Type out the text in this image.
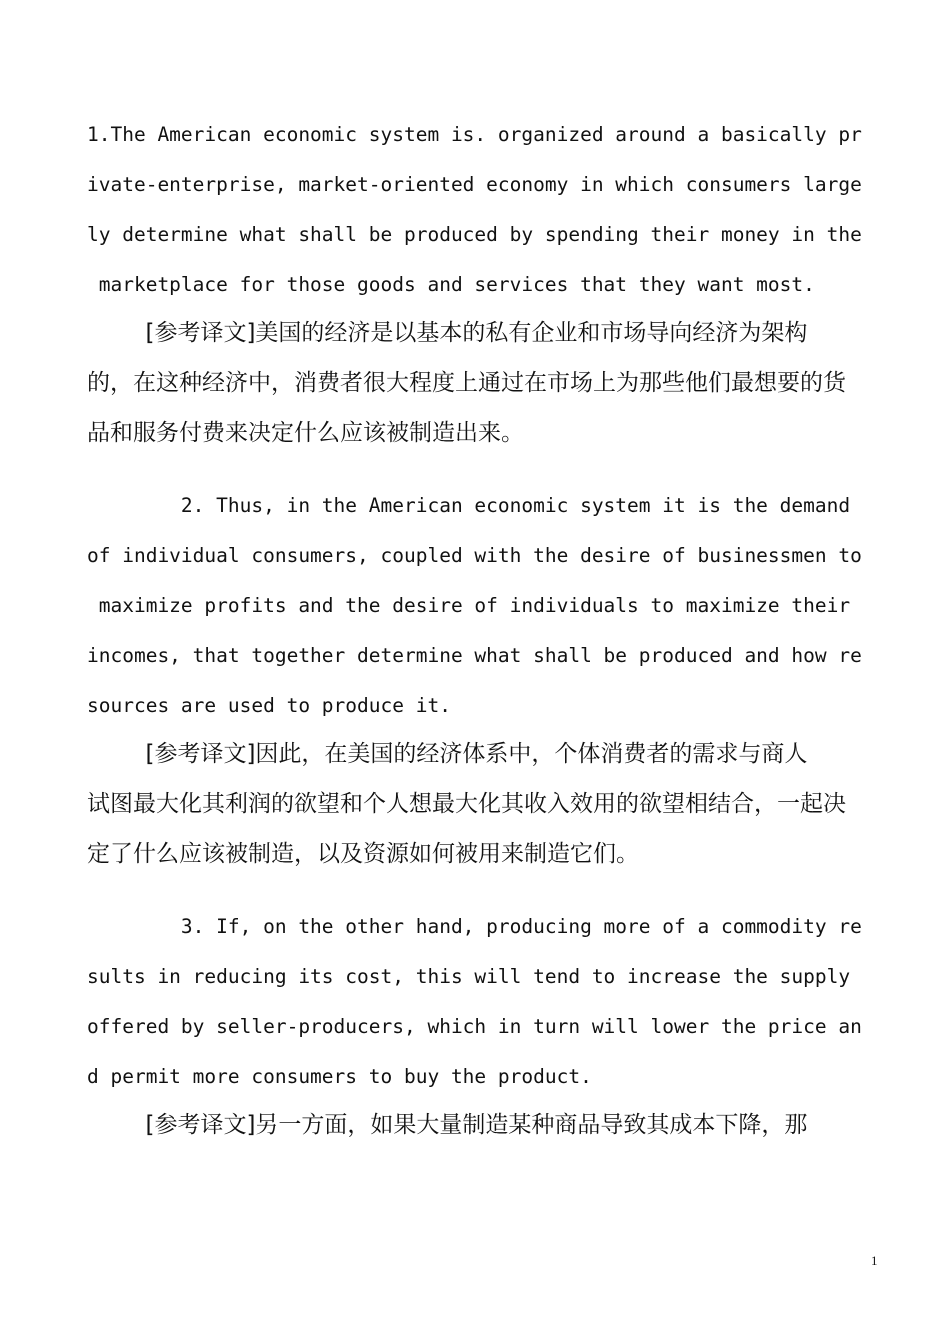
1.The American economic system is. organized around a basically pr
ivate-enterprise, market-oriented economy in which consumers large
ly determine what shall be produced by spending their money in the
marketplace for those goods and services that they want most.
[参考译文]美国的经济是以基本的私有企业和市场导向经济为架构
的，在这种经济中，消费者很大程度上通过在市场上为那些他们最想要的货
品和服务付费来决定什么应该被制造出来。
2. Thus, in the American economic system it is the demand
of individual consumers, coupled with the desire of businessmen to
maximize profits and the desire of individuals to maximize their
incomes, that together determine what shall be produced and how re
sources are used to produce it.
[参考译文]因此，在美国的经济体系中，个体消费者的需求与商人
试图最大化其利润的欲望和个人想最大化其收入效用的欲望相结合，一起决
定了什么应该被制造，以及资源如何被用来制造它们。
3. If, on the other hand, producing more of a commodity re
sults in reducing its cost, this will tend to increase the supply
offered by seller-producers, which in turn will lower the price an
d permit more consumers to buy the product.
[参考译文]另一方面，如果大量制造某种商品导致其成本下降，那
1
